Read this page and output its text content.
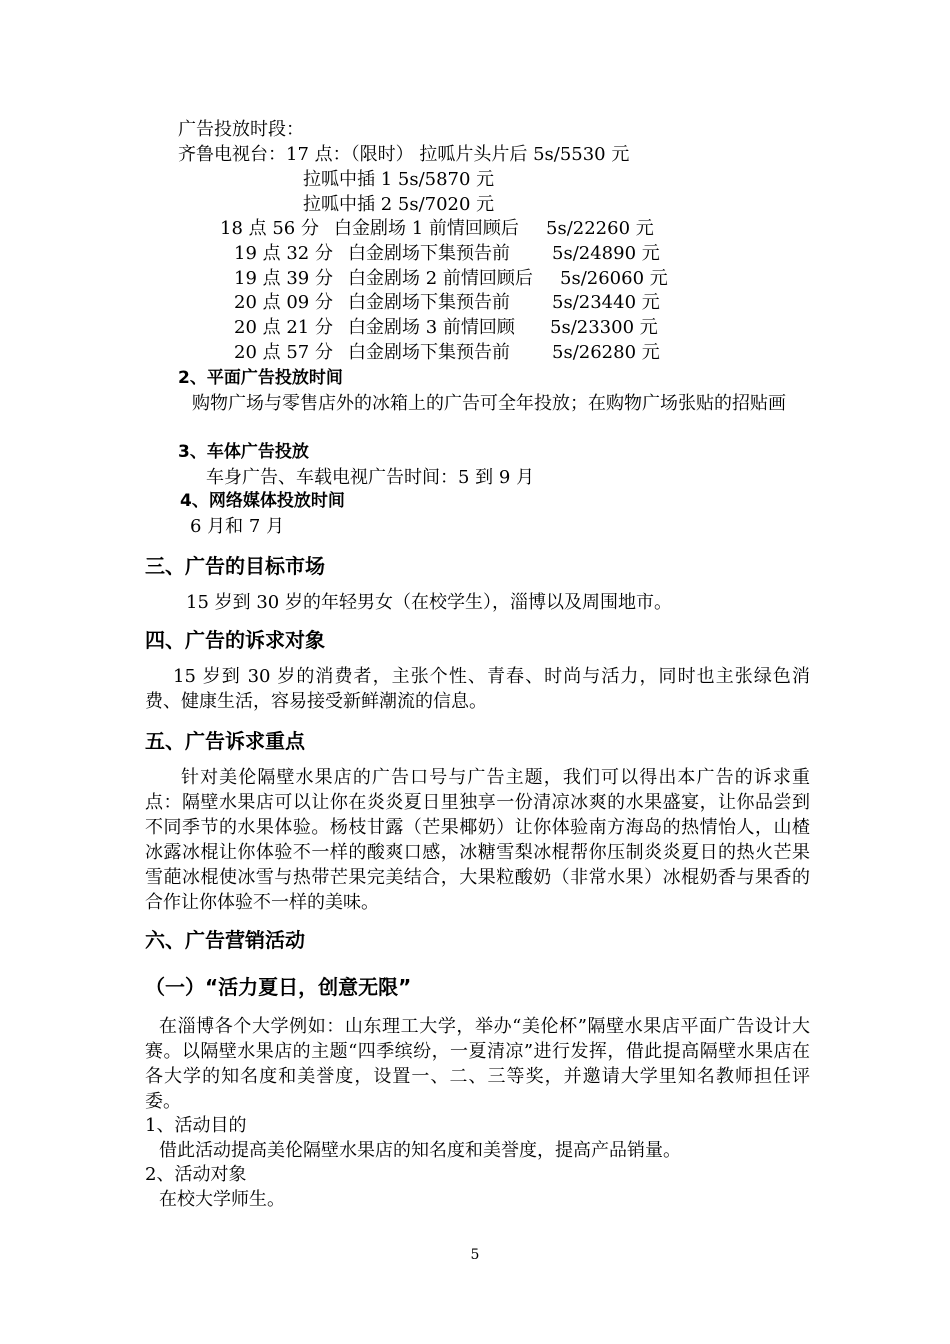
广告投放时段：
齐鲁电视台：17 点：（限时） 拉呱片头片后 5s/5530 元
拉呱中插 1 5s/5870 元
拉呱中插 2 5s/7020 元
18 点 56 分 白金剧场 1 前情回顾后 5s/22260 元
19 点 32 分 白金剧场下集预告前 5s/24890 元
19 点 39 分 白金剧场 2 前情回顾后 5s/26060 元
20 点 09 分 白金剧场下集预告前 5s/23440 元
20 点 21 分 白金剧场 3 前情回顾 5s/23300 元
20 点 57 分 白金剧场下集预告前 5s/26280 元
2、平面广告投放时间
购物广场与零售店外的冰箱上的广告可全年投放；在购物广场张贴的招贴画
3、车体广告投放
车身广告、车载电视广告时间：5 到 9 月
4、网络媒体投放时间
6 月和 7 月
三、广告的目标市场
15 岁到 30 岁的年轻男女（在校学生），淄博以及周围地市。
四、广告的诉求对象
15 岁到 30 岁的消费者，主张个性、青春、时尚与活力，同时也主张绿色消费、健康生活，容易接受新鲜潮流的信息。
五、广告诉求重点
针对美伦隔壁水果店的广告口号与广告主题，我们可以得出本广告的诉求重点：隔壁水果店可以让你在炎炎夏日里独享一份清凉冰爽的水果盛宴，让你品尝到不同季节的水果体验。杨枝甘露（芒果椰奶）让你体验南方海岛的热情怡人，山楂冰露冰棍让你体验不一样的酸爽口感，冰糖雪梨冰棍帮你压制炎炎夏日的热火芒果雪葩冰棍使冰雪与热带芒果完美结合，大果粒酸奶（非常水果）冰棍奶香与果香的合作让你体验不一样的美味。
六、广告营销活动
（一）“活力夏日，创意无限”
在淄博各个大学例如：山东理工大学，举办“美伦杯”隔壁水果店平面广告设计大赛。以隔壁水果店的主题“四季缤纷，一夏清凉”进行发挥，借此提高隔壁水果店在各大学的知名度和美誉度，设置一、二、三等奖，并邀请大学里知名教师担任评委。
1、活动目的
借此活动提高美伦隔壁水果店的知名度和美誉度，提高产品销量。
2、活动对象
在校大学师生。
5
